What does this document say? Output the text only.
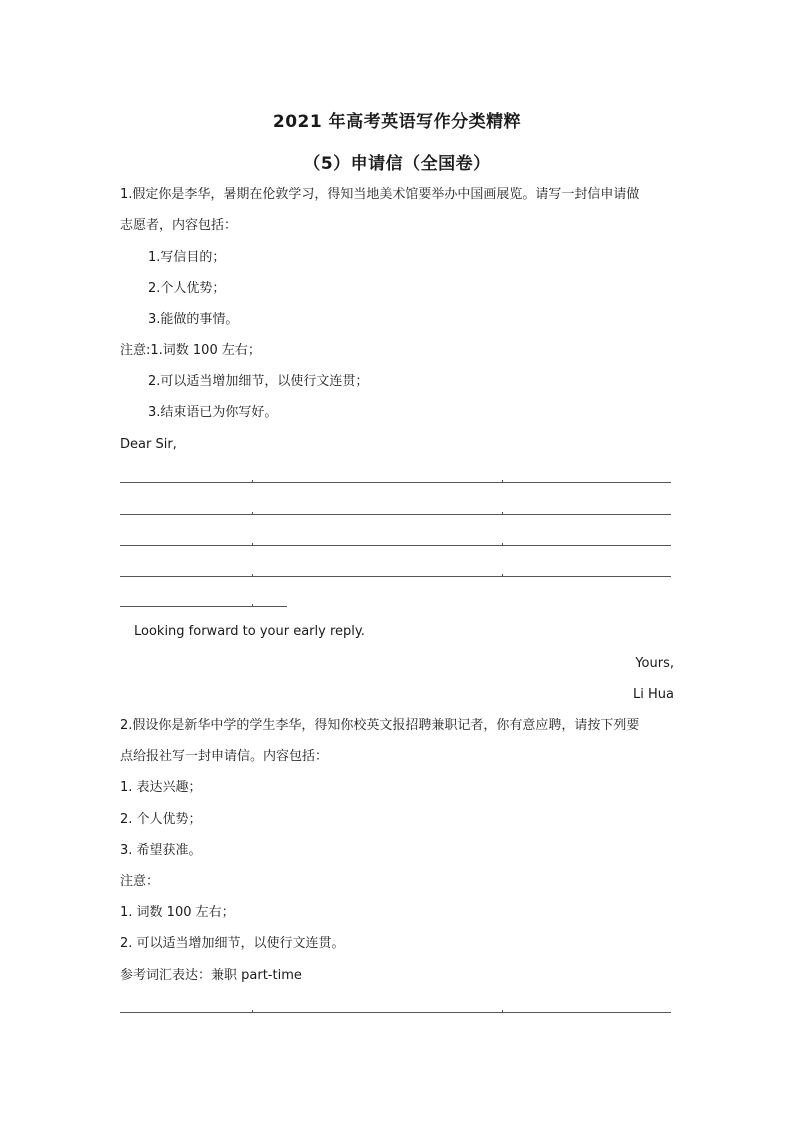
2021 年高考英语写作分类精粹
（5）申请信（全国卷）
1.假定你是李华，暑期在伦敦学习，得知当地美术馆要举办中国画展览。请写一封信申请做
志愿者，内容包括：
1.写信目的；
2.个人优势；
3.能做的事情。
注意:1.词数 100 左右；
2.可以适当增加细节，以使行文连贯；
3.结束语已为你写好。
Dear Sir,
Looking forward to your early reply.
Yours,
Li Hua
2.假设你是新华中学的学生李华，得知你校英文报招聘兼职记者，你有意应聘，请按下列要
点给报社写一封申请信。内容包括：
1. 表达兴趣；
2. 个人优势；
3. 希望获准。
注意：
1. 词数 100 左右；
2. 可以适当增加细节，以使行文连贯。
参考词汇表达：兼职 part-time
